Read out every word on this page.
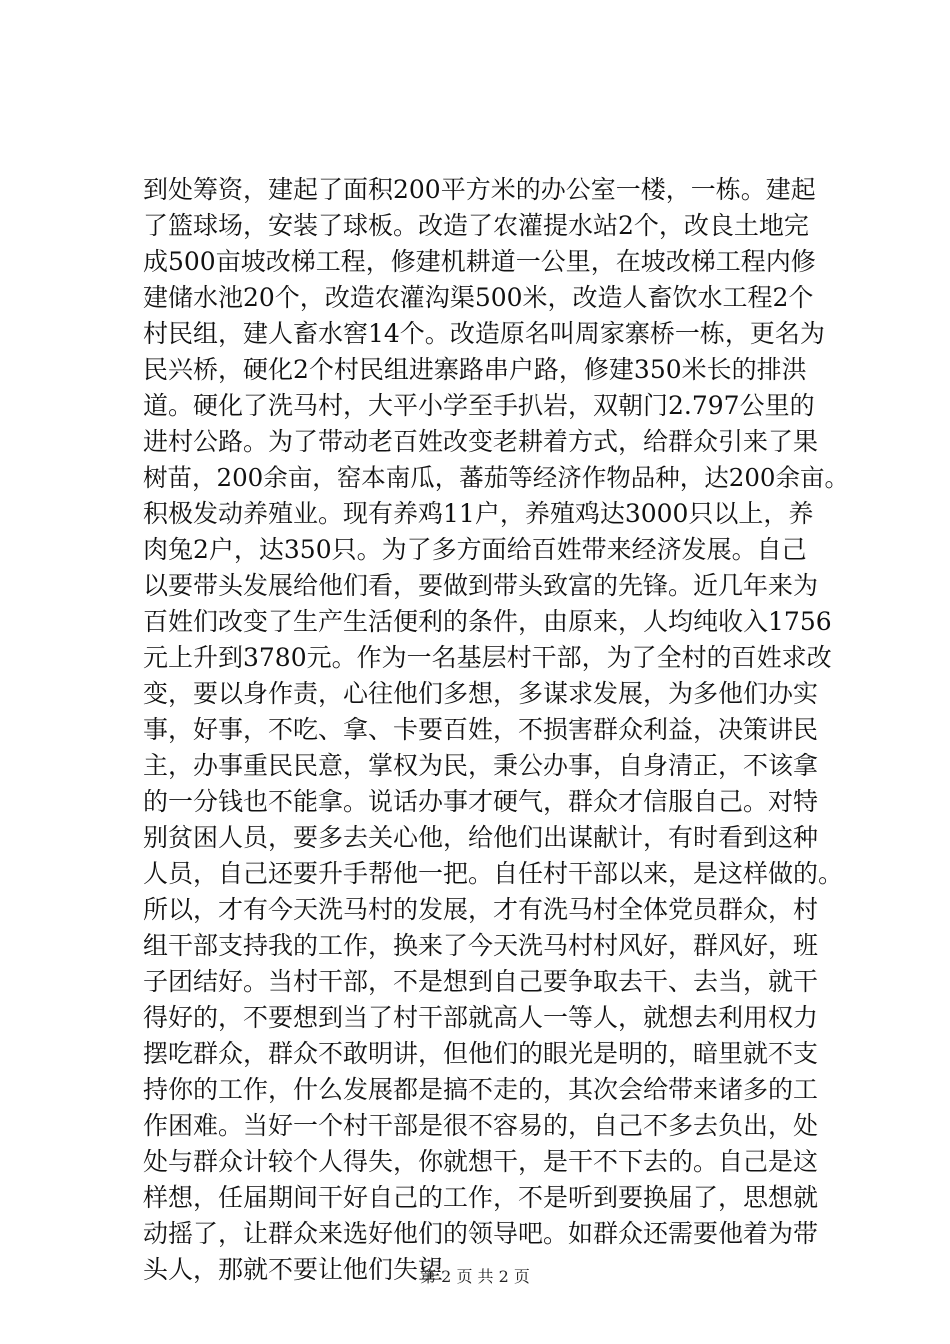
到处筹资，建起了面积200平方米的办公室一楼，一栋。建起
了篮球场，安装了球板。改造了农灌提水站2个，改良土地完
成500亩坡改梯工程，修建机耕道一公里，在坡改梯工程内修
建储水池20个，改造农灌沟渠500米，改造人畜饮水工程2个
村民组，建人畜水窖14个。改造原名叫周家寨桥一栋，更名为
民兴桥，硬化2个村民组进寨路串户路，修建350米长的排洪
道。硬化了洗马村，大平小学至手扒岩，双朝门2.797公里的
进村公路。为了带动老百姓改变老耕着方式，给群众引来了果
树苗，200余亩，窑本南瓜，蕃茄等经济作物品种，达200余亩。
积极发动养殖业。现有养鸡11户，养殖鸡达3000只以上，养
肉兔2户，达350只。为了多方面给百姓带来经济发展。自己
以要带头发展给他们看，要做到带头致富的先锋。近几年来为
百姓们改变了生产生活便利的条件，由原来，人均纯收入1756
元上升到3780元。作为一名基层村干部，为了全村的百姓求改
变，要以身作责，心往他们多想，多谋求发展，为多他们办实
事，好事，不吃、拿、卡要百姓，不损害群众利益，决策讲民
主，办事重民民意，掌权为民，秉公办事，自身清正，不该拿
的一分钱也不能拿。说话办事才硬气，群众才信服自己。对特
别贫困人员，要多去关心他，给他们出谋献计，有时看到这种
人员，自己还要升手帮他一把。自任村干部以来，是这样做的。
所以，才有今天洗马村的发展，才有洗马村全体党员群众，村
组干部支持我的工作，换来了今天洗马村村风好，群风好，班
子团结好。当村干部，不是想到自己要争取去干、去当，就干
得好的，不要想到当了村干部就高人一等人，就想去利用权力
摆吃群众，群众不敢明讲，但他们的眼光是明的，暗里就不支
持你的工作，什么发展都是搞不走的，其次会给带来诸多的工
作困难。当好一个村干部是很不容易的，自己不多去负出，处
处与群众计较个人得失，你就想干，是干不下去的。自己是这
样想，任届期间干好自己的工作，不是听到要换届了，思想就
动摇了，让群众来选好他们的领导吧。如群众还需要他着为带
头人，那就不要让他们失望
第 2 页 共 2 页
